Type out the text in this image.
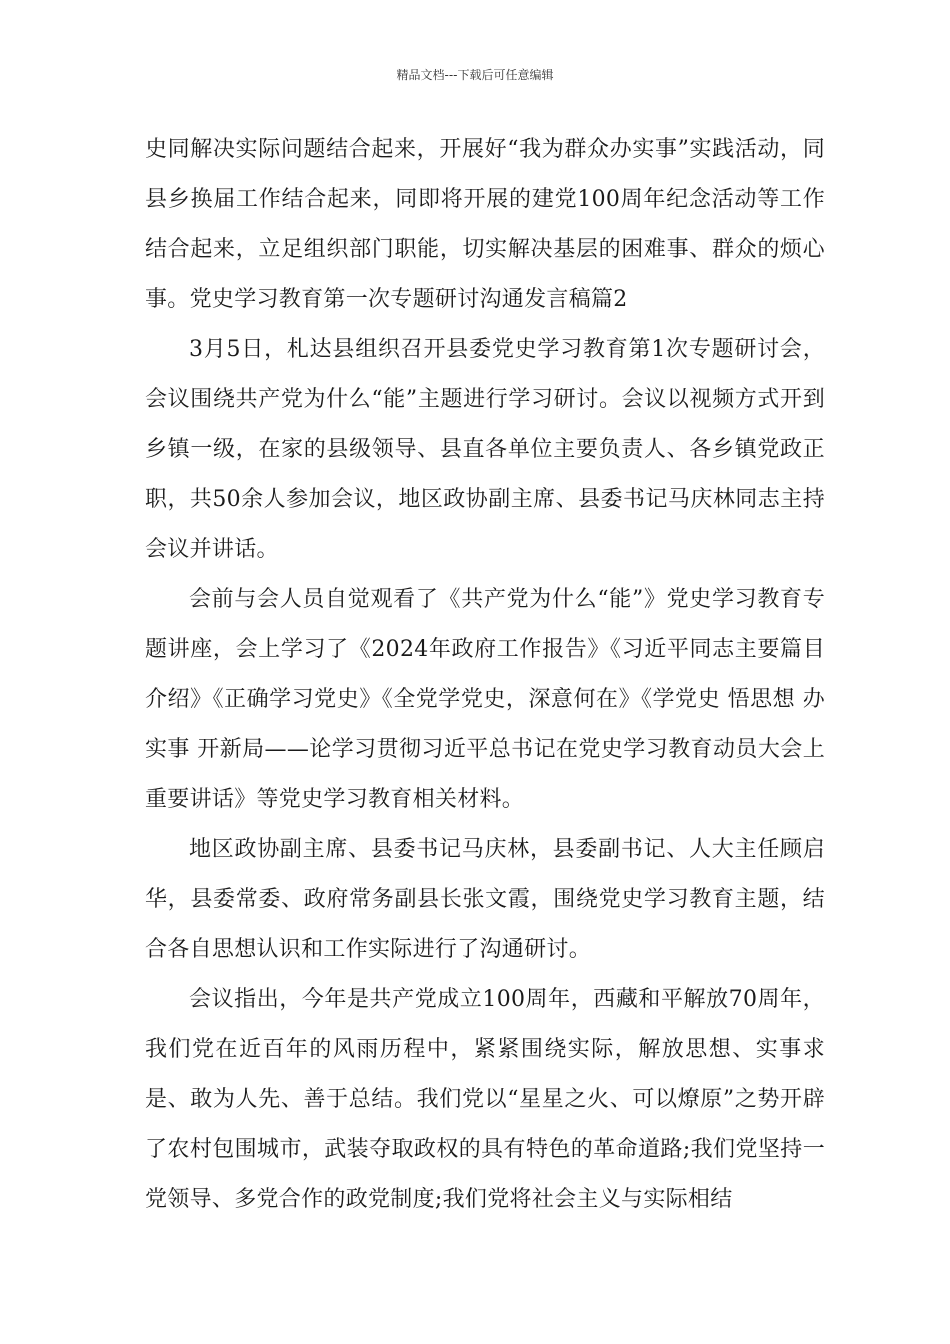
精品文档---下载后可任意编辑

史同解决实际问题结合起来，开展好“我为群众办实事”实践活动，同县乡换届工作结合起来，同即将开展的建党100周年纪念活动等工作结合起来，立足组织部门职能，切实解决基层的困难事、群众的烦心事。党史学习教育第一次专题研讨沟通发言稿篇2

3月5日，札达县组织召开县委党史学习教育第1次专题研讨会，会议围绕共产党为什么“能”主题进行学习研讨。会议以视频方式开到乡镇一级，在家的县级领导、县直各单位主要负责人、各乡镇党政正职，共50余人参加会议，地区政协副主席、县委书记马庆林同志主持会议并讲话。

会前与会人员自觉观看了《共产党为什么“能”》党史学习教育专题讲座，会上学习了《2024年政府工作报告》《习近平同志主要篇目介绍》《正确学习党史》《全党学党史，深意何在》《学党史 悟思想 办实事 开新局——论学习贯彻习近平总书记在党史学习教育动员大会上重要讲话》等党史学习教育相关材料。

地区政协副主席、县委书记马庆林，县委副书记、人大主任顾启华，县委常委、政府常务副县长张文霞，围绕党史学习教育主题，结合各自思想认识和工作实际进行了沟通研讨。

会议指出，今年是共产党成立100周年，西藏和平解放70周年，我们党在近百年的风雨历程中，紧紧围绕实际，解放思想、实事求是、敢为人先、善于总结。我们党以“星星之火、可以燎原”之势开辟了农村包围城市，武装夺取政权的具有特色的革命道路;我们党坚持一党领导、多党合作的政党制度;我们党将社会主义与实际相结
